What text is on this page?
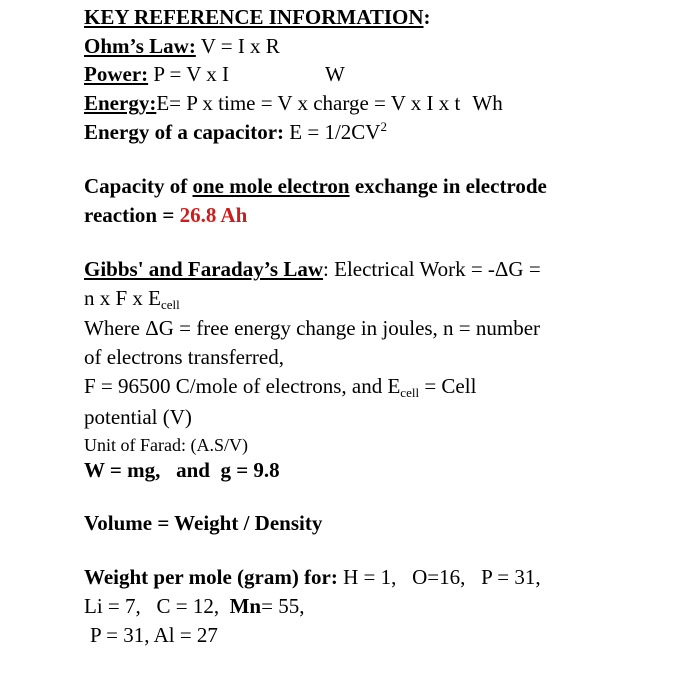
KEY REFERENCE INFORMATION:
Ohm’s Law: V = I x R
Power: P = V x I	W
Energy:E= P x time = V x charge = V x I x t Wh
Energy of a capacitor: $E = 1/2CV^2$
Capacity of one mole electron exchange in electrode
reaction = 26.8 Ah
Gibbs' and Faraday’s Law: Electrical Work = -ΔG =
n x F x $E_{cell}$
Where ΔG = free energy change in joules, n = number
of electrons transferred,
F = 96500 C/mole of electrons, and $E_{cell}$ = Cell
potential (V)
Unit of Farad: (A.S/V)
W = mg,   and  g = 9.8
Volume = Weight / Density
Weight per mole (gram) for: H = 1,   O=16,   P = 31,
Li = 7,   C = 12, Mn= 55,
P = 31, Al = 27
